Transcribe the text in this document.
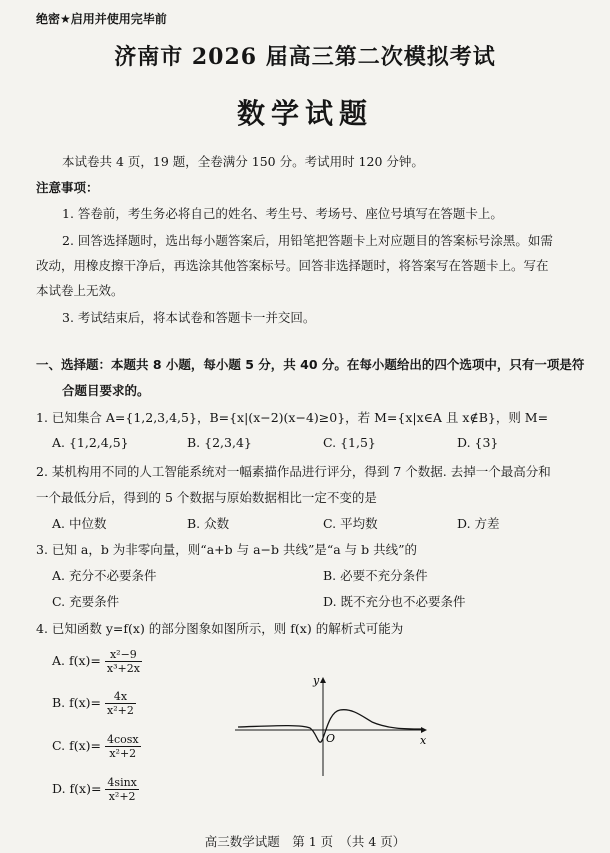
绝密★启用并使用完毕前
济南市 2026 届高三第二次模拟考试
数学试题
本试卷共 4 页，19 题，全卷满分 150 分。考试用时 120 分钟。
注意事项：
1. 答卷前，考生务必将自己的姓名、考生号、考场号、座位号填写在答题卡上。
2. 回答选择题时，选出每小题答案后，用铅笔把答题卡上对应题目的答案标号涂黑。如需
改动，用橡皮擦干净后，再选涂其他答案标号。回答非选择题时，将答案写在答题卡上。写在
本试卷上无效。
3. 考试结束后，将本试卷和答题卡一并交回。
一、选择题：本题共 8 小题，每小题 5 分，共 40 分。在每小题给出的四个选项中，只有一项是符
合题目要求的。
1. 已知集合 A={1,2,3,4,5}，B={x|(x−2)(x−4)≥0}，若 M={x|x∈A 且 x∉B}，则 M=
A. {1,2,4,5}	B. {2,3,4}	C. {1,5}	D. {3}
2. 某机构用不同的人工智能系统对一幅素描作品进行评分，得到 7 个数据. 去掉一个最高分和
一个最低分后，得到的 5 个数据与原始数据相比一定不变的是
A. 中位数	B. 众数	C. 平均数	D. 方差
3. 已知 a，b 为非零向量，则“a+b 与 a−b 共线”是“a 与 b 共线”的
A. 充分不必要条件	B. 必要不充分条件
C. 充要条件	D. 既不充分也不必要条件
4. 已知函数 y=f(x) 的部分图象如图所示，则 f(x) 的解析式可能为
A. $f(x)= \frac{\text{x²−9}}{\text{x³+2x}}$
B. $f(x)= \frac{4x}{\text{x²+2}}$
C. $f(x)= \frac{4\cos x}{\text{x²+2}}$
D. $f(x)= \frac{4\sin x}{\text{x²+2}}$
y
x
O
高三数学试题　第 1 页　（共 4 页）
